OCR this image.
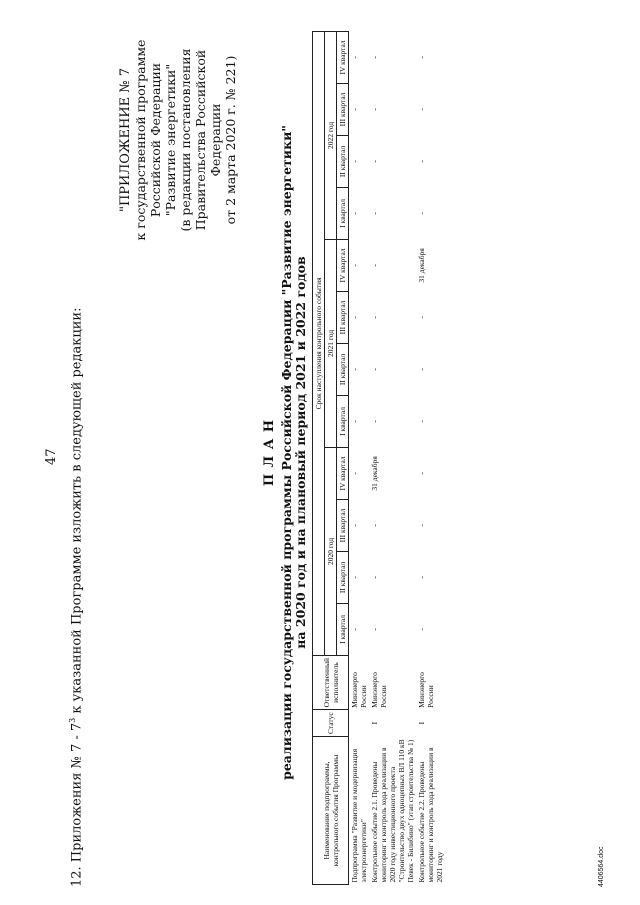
47
12. Приложения № $7 - 7^3$ к указанной Программе изложить в следующей редакции:
"ПРИЛОЖЕНИЕ № 7 к государственной программе Российской Федерации "Развитие энергетики" (в редакции постановления Правительства Российской Федерации от 2 марта 2020 г. № 221)
П Л А Н реализации государственной программы Российской Федерации "Развитие энергетики" на 2020 год и на плановый период 2021 и 2022 годов
Наименование подпрограммы, контрольного события Программы	Статус	Ответственный исполнитель	Срок наступления контрольного события											
			2020 год				2021 год				2022 год			
			I квартал	II квартал	III квартал	IV квартал	I квартал	II квартал	III квартал	IV квартал	I квартал	II квартал	III квартал	IV квартал
Подпрограмма "Развитие и модернизация электроэнергетики"		Минэнерго России	-	-	-	-	-	-	-	-	-	-	-	-
Контрольное событие 2.1. Проведены мониторинг и контроль хода реализации в 2020 году инвестиционного проекта "Строительство двух одноцепных ВЛ 110 кВ Певек - Билибино" (этап строительства № 1)	I	Минэнерго России	-	-	-	31 декабря	-	-	-	-	-	-	-	-
Контрольное событие 2.2. Проведены мониторинг и контроль хода реализации в 2021 году	I	Минэнерго России	-	-	-	-	-	-	-	31 декабря	-	-	-	-
4406564.doc
